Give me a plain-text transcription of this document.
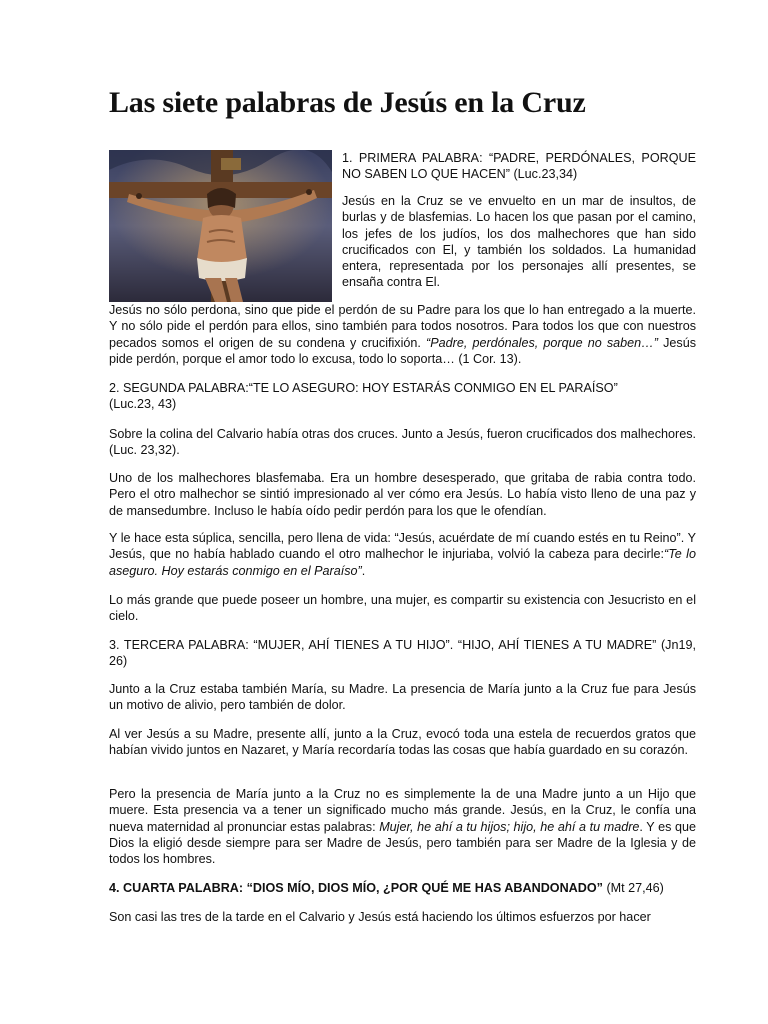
Las siete palabras de Jesús en la Cruz

1. PRIMERA PALABRA: “PADRE, PERDÓNALES, PORQUE NO SABEN LO QUE HACEN” (Luc.23,34)

Jesús en la Cruz se ve envuelto en un mar de insultos, de burlas y de blasfemias. Lo hacen los que pasan por el camino, los jefes de los judíos, los dos malhechores que han sido crucificados con El, y también los soldados. La humanidad entera, representada por los personajes allí presentes, se ensaña contra El.

Jesús no sólo perdona, sino que pide el perdón de su Padre para los que lo han entregado a la muerte. Y no sólo pide el perdón para ellos, sino también para todos nosotros. Para todos los que con nuestros pecados somos el origen de su condena y crucifixión. “Padre, perdónales, porque no saben…” Jesús pide perdón, porque el amor todo lo excusa, todo lo soporta… (1 Cor. 13).

2. SEGUNDA PALABRA:“TE LO ASEGURO: HOY ESTARÁS CONMIGO EN EL PARAÍSO”
(Luc.23, 43)

Sobre la colina del Calvario había otras dos cruces. Junto a Jesús, fueron crucificados dos malhechores. (Luc. 23,32).

Uno de los malhechores blasfemaba. Era un hombre desesperado, que gritaba de rabia contra todo. Pero el otro malhechor se sintió impresionado al ver cómo era Jesús. Lo había visto lleno de una paz y de mansedumbre. Incluso le había oído pedir perdón para los que le ofendían.

Y le hace esta súplica, sencilla, pero llena de vida: “Jesús, acuérdate de mí cuando estés en tu Reino”. Y Jesús, que no había hablado cuando el otro malhechor le injuriaba, volvió la cabeza para decirle:“Te lo aseguro. Hoy estarás conmigo en el Paraíso”.

Lo más grande que puede poseer un hombre, una mujer, es compartir su existencia con Jesucristo en el cielo.

3. TERCERA PALABRA: “MUJER, AHÍ TIENES A TU HIJO”. “HIJO, AHÍ TIENES A TU MADRE” (Jn19, 26)

Junto a la Cruz estaba también María, su Madre. La presencia de María junto a la Cruz fue para Jesús un motivo de alivio, pero también de dolor.

Al ver Jesús a su Madre, presente allí, junto a la Cruz, evocó toda una estela de recuerdos gratos que habían vivido juntos en Nazaret, y María recordaría todas las cosas que había guardado en su corazón.

Pero la presencia de María junto a la Cruz no es simplemente la de una Madre junto a un Hijo que muere. Esta presencia va a tener un significado mucho más grande. Jesús, en la Cruz, le confía una nueva maternidad al pronunciar estas palabras: Mujer, he ahí a tu hijos; hijo, he ahí a tu madre. Y es que Dios la eligió desde siempre para ser Madre de Jesús, pero también para ser Madre de la Iglesia y de todos los hombres.

4. CUARTA PALABRA: “DIOS MÍO, DIOS MÍO, ¿POR QUÉ ME HAS ABANDONADO” (Mt 27,46)

Son casi las tres de la tarde en el Calvario y Jesús está haciendo los últimos esfuerzos por hacer
